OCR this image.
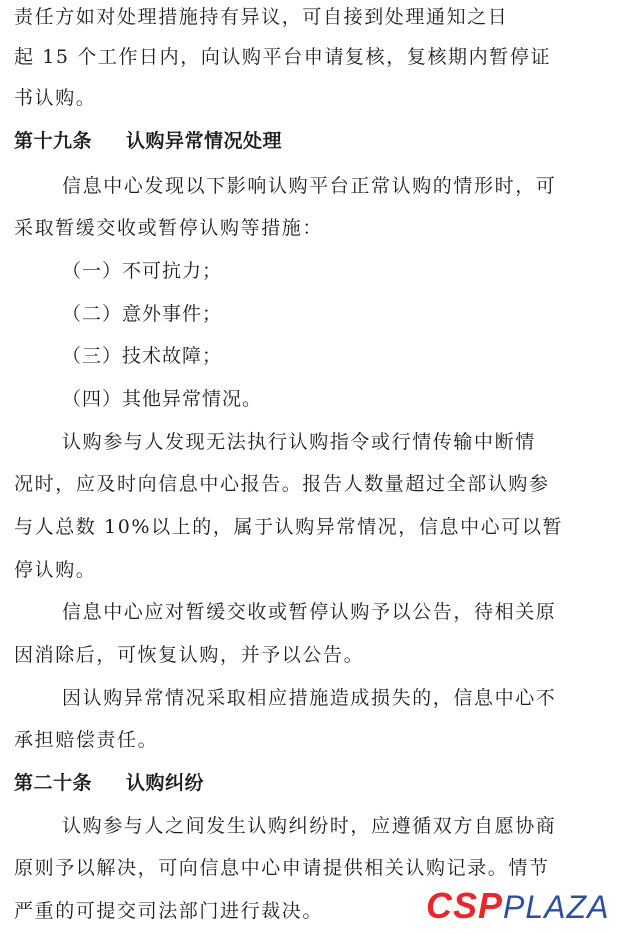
责任方如对处理措施持有异议，可自接到处理通知之日
起 15 个工作日内，向认购平台申请复核，复核期内暂停证
书认购。
第十九条 认购异常情况处理
信息中心发现以下影响认购平台正常认购的情形时，可
采取暂缓交收或暂停认购等措施：
（一）不可抗力；
（二）意外事件；
（三）技术故障；
（四）其他异常情况。
认购参与人发现无法执行认购指令或行情传输中断情
况时，应及时向信息中心报告。报告人数量超过全部认购参
与人总数 10%以上的，属于认购异常情况，信息中心可以暂
停认购。
信息中心应对暂缓交收或暂停认购予以公告，待相关原
因消除后，可恢复认购，并予以公告。
因认购异常情况采取相应措施造成损失的，信息中心不
承担赔偿责任。
第二十条 认购纠纷
认购参与人之间发生认购纠纷时，应遵循双方自愿协商
原则予以解决，可向信息中心申请提供相关认购记录。情节
严重的可提交司法部门进行裁决。	CSPPLAZA
